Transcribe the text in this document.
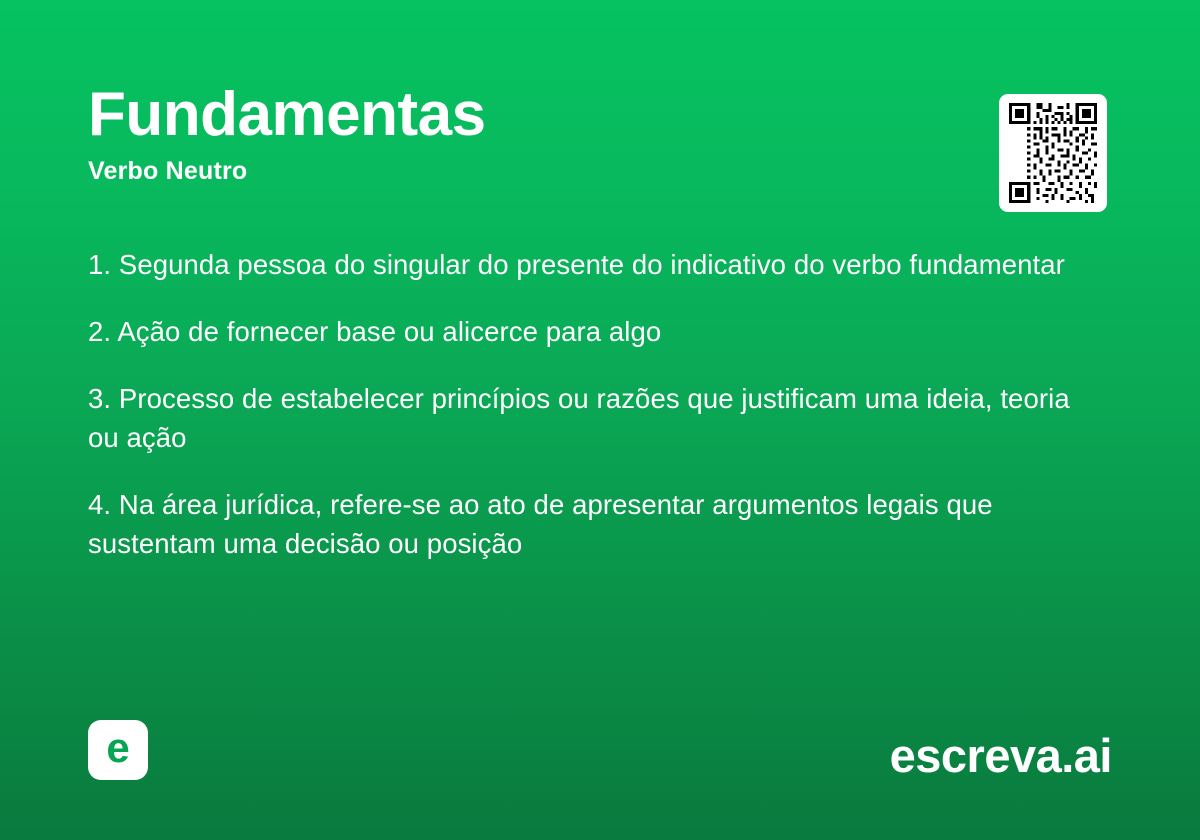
Fundamentas
Verbo Neutro
1. Segunda pessoa do singular do presente do indicativo do verbo fundamentar
2. Ação de fornecer base ou alicerce para algo
3. Processo de estabelecer princípios ou razões que justificam uma ideia, teoria ou ação
4. Na área jurídica, refere-se ao ato de apresentar argumentos legais que sustentam uma decisão ou posição
e	escreva.ai
